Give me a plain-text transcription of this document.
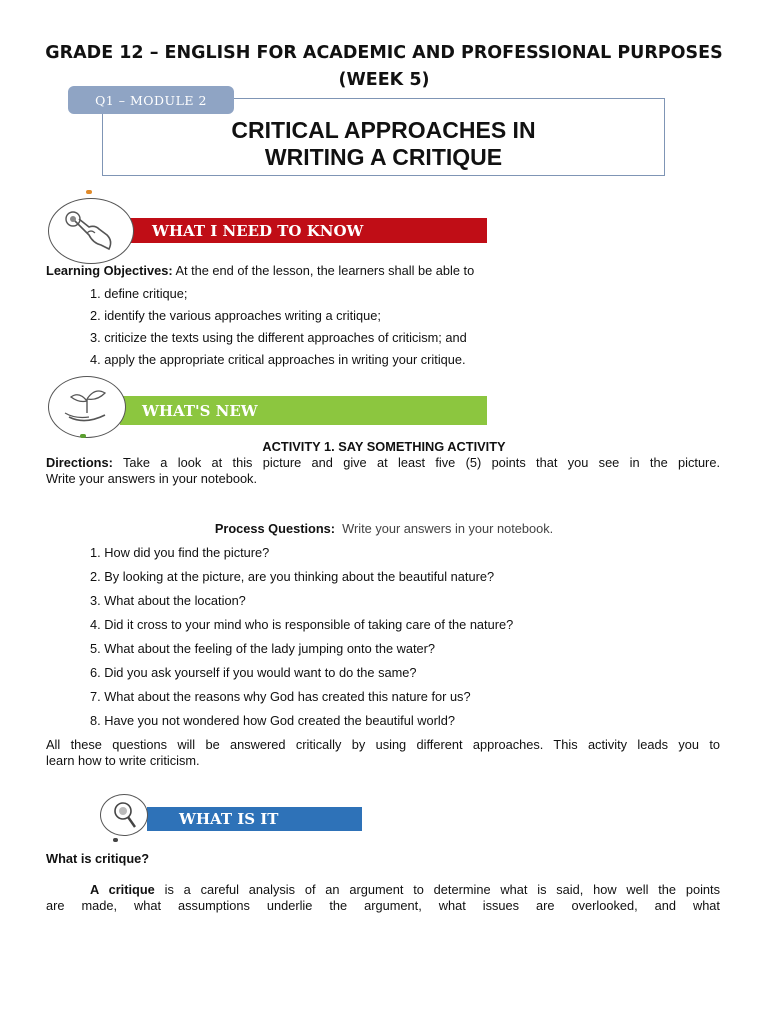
GRADE 12 – ENGLISH FOR ACADEMIC AND PROFESSIONAL PURPOSES
(WEEK 5)
Q1 – MODULE 2
CRITICAL APPROACHES IN
WRITING A CRITIQUE
WHAT I NEED TO KNOW
Learning Objectives: At the end of the lesson, the learners shall be able to
1. define critique;
2. identify the various approaches writing a critique;
3. criticize the texts using the different approaches of criticism; and
4. apply the appropriate critical approaches in writing your critique.
WHAT'S NEW
ACTIVITY 1. SAY SOMETHING ACTIVITY
Directions: Take a look at this picture and give at least five (5) points that you see in the picture.
Write your answers in your notebook.
Process Questions: Write your answers in your notebook.
1. How did you find the picture?
2. By looking at the picture, are you thinking about the beautiful nature?
3. What about the location?
4. Did it cross to your mind who is responsible of taking care of the nature?
5. What about the feeling of the lady jumping onto the water?
6. Did you ask yourself if you would want to do the same?
7. What about the reasons why God has created this nature for us?
8. Have you not wondered how God created the beautiful world?
All these questions will be answered critically by using different approaches. This activity leads you to
learn how to write criticism.
WHAT IS IT
What is critique?
A critique is a careful analysis of an argument to determine what is said, how well the points
are made, what assumptions underlie the argument, what issues are overlooked, and what
